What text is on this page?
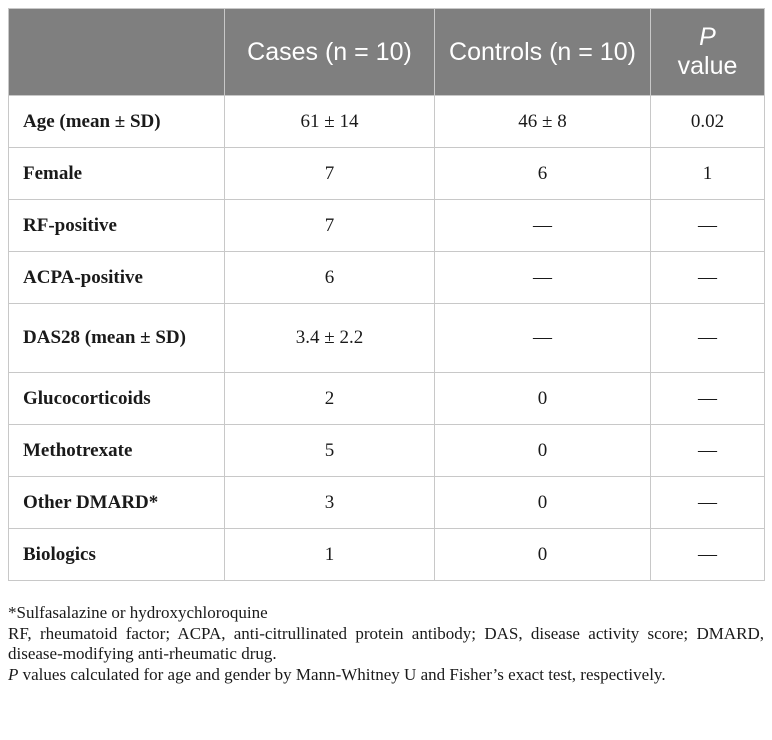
	Cases (n = 10)	Controls (n = 10)	P
value

Age (mean ± SD)	61 ± 14	46 ± 8	0.02
Female	7	6	1
RF-positive	7	—	—
ACPA-positive	6	—	—
DAS28 (mean ± SD)	3.4 ± 2.2	—	—
Glucocorticoids	2	0	—
Methotrexate	5	0	—
Other DMARD*	3	0	—
Biologics	1	0	—

*Sulfasalazine or hydroxychloroquine

RF, rheumatoid factor; ACPA, anti-citrullinated protein antibody; DAS, disease activity score; DMARD, disease-modifying anti-rheumatic drug.

P values calculated for age and gender by Mann-Whitney U and Fisher’s exact test, respectively.
